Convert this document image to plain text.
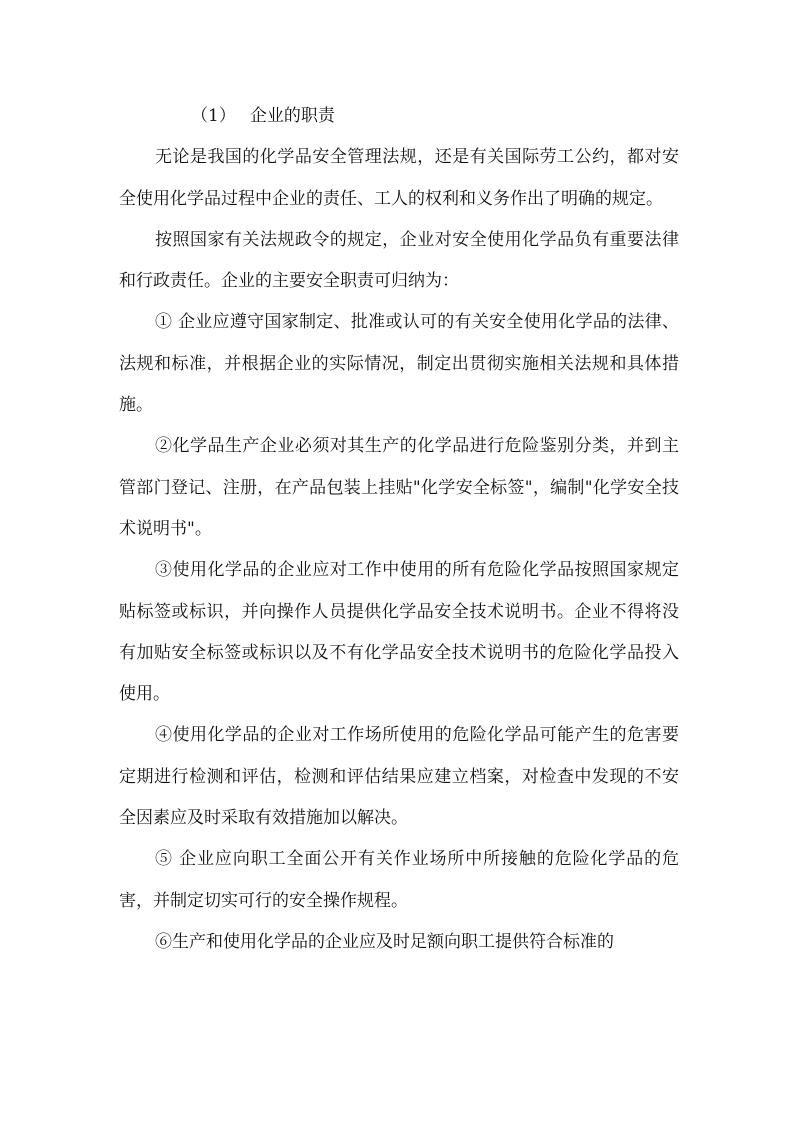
（1） 企业的职责

无论是我国的化学品安全管理法规，还是有关国际劳工公约，都对安全使用化学品过程中企业的责任、工人的权利和义务作出了明确的规定。

按照国家有关法规政令的规定，企业对安全使用化学品负有重要法律和行政责任。企业的主要安全职责可归纳为：

① 企业应遵守国家制定、批准或认可的有关安全使用化学品的法律、法规和标准，并根据企业的实际情况，制定出贯彻实施相关法规和具体措施。

②化学品生产企业必须对其生产的化学品进行危险鉴别分类，并到主管部门登记、注册，在产品包装上挂贴"化学安全标签"，编制"化学安全技术说明书"。

③使用化学品的企业应对工作中使用的所有危险化学品按照国家规定贴标签或标识，并向操作人员提供化学品安全技术说明书。企业不得将没有加贴安全标签或标识以及不有化学品安全技术说明书的危险化学品投入使用。

④使用化学品的企业对工作场所使用的危险化学品可能产生的危害要定期进行检测和评估，检测和评估结果应建立档案，对检查中发现的不安全因素应及时采取有效措施加以解决。

⑤ 企业应向职工全面公开有关作业场所中所接触的危险化学品的危害，并制定切实可行的安全操作规程。

⑥生产和使用化学品的企业应及时足额向职工提供符合标准的
